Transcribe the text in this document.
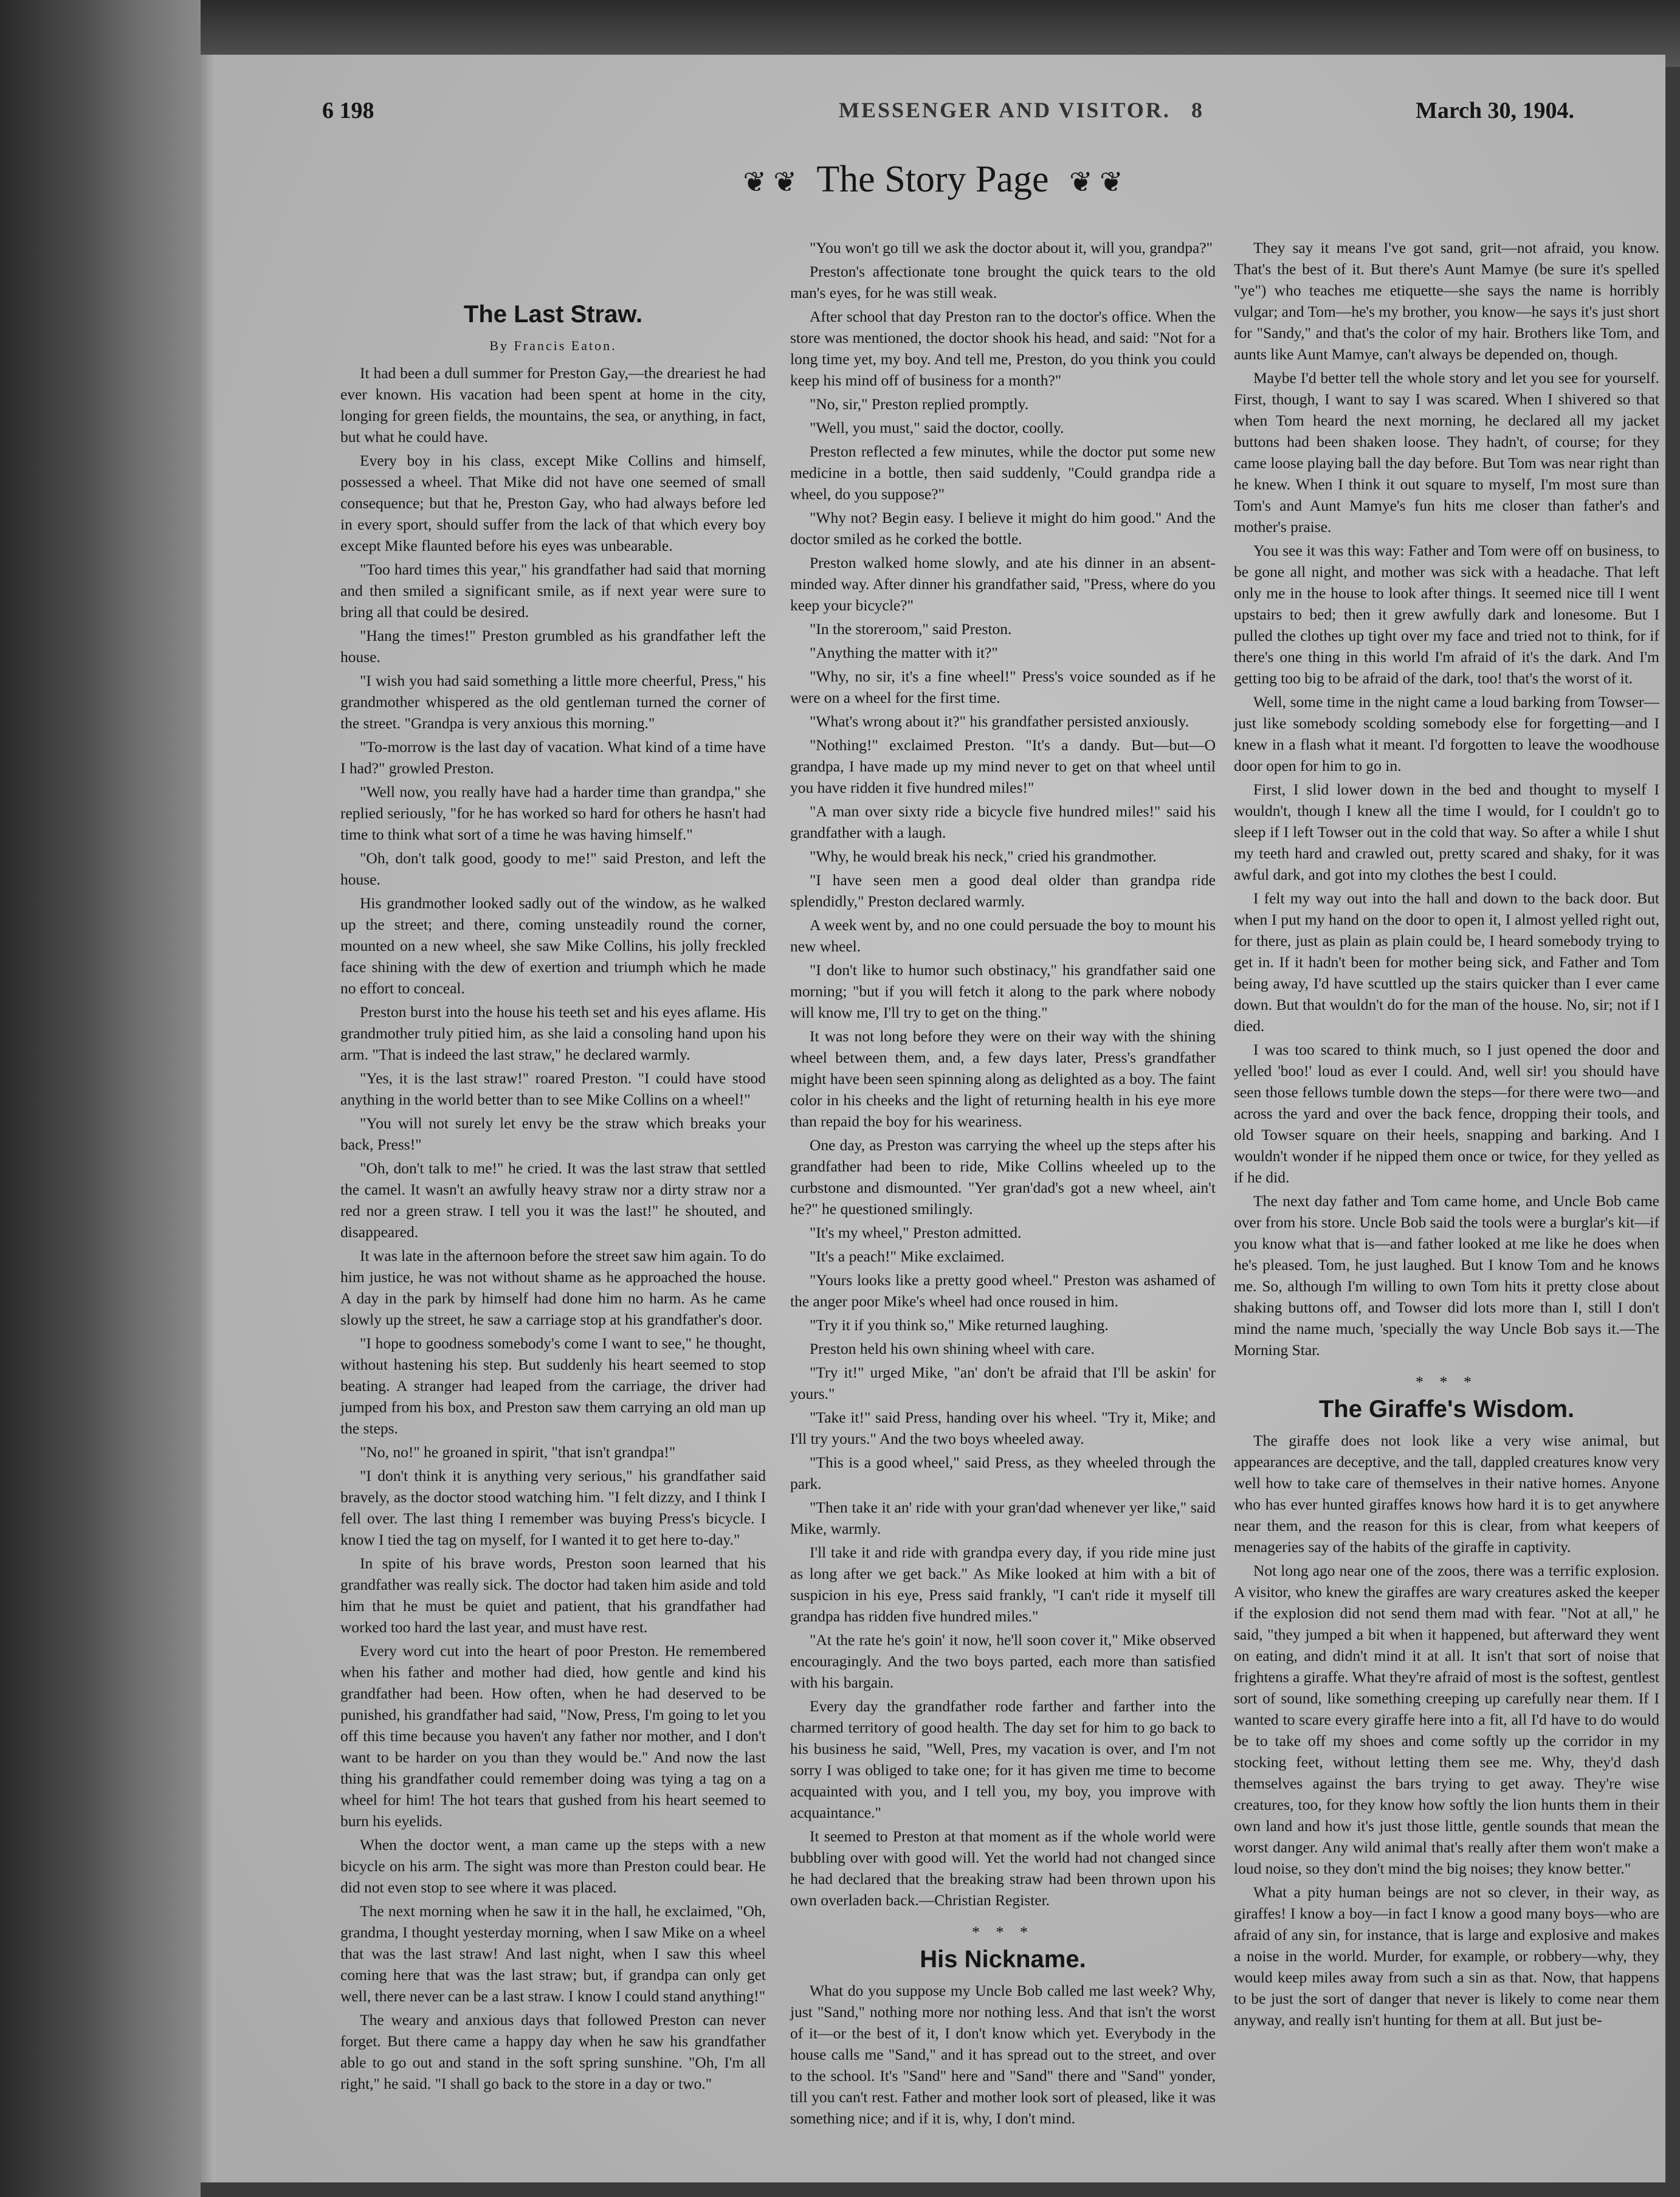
6 198	MESSENGER AND VISITOR. 8	March 30, 1904.
❦ ❦ The Story Page ❦ ❦
The Last Straw.
By Francis Eaton.

It had been a dull summer for Preston Gay,—the dreariest he had ever known. His vacation had been spent at home in the city, longing for green fields, the mountains, the sea, or anything, in fact, but what he could have.

Every boy in his class, except Mike Collins and himself, possessed a wheel. That Mike did not have one seemed of small consequence; but that he, Preston Gay, who had always before led in every sport, should suffer from the lack of that which every boy except Mike flaunted before his eyes was unbearable.

"Too hard times this year," his grandfather had said that morning and then smiled a significant smile, as if next year were sure to bring all that could be desired.

"Hang the times!" Preston grumbled as his grandfather left the house.

"I wish you had said something a little more cheerful, Press," his grandmother whispered as the old gentleman turned the corner of the street. "Grandpa is very anxious this morning."

"To-morrow is the last day of vacation. What kind of a time have I had?" growled Preston.

"Well now, you really have had a harder time than grandpa," she replied seriously, "for he has worked so hard for others he hasn't had time to think what sort of a time he was having himself."

"Oh, don't talk good, goody to me!" said Preston, and left the house.

His grandmother looked sadly out of the window, as he walked up the street; and there, coming unsteadily round the corner, mounted on a new wheel, she saw Mike Collins, his jolly freckled face shining with the dew of exertion and triumph which he made no effort to conceal.

Preston burst into the house his teeth set and his eyes aflame. His grandmother truly pitied him, as she laid a consoling hand upon his arm. "That is indeed the last straw," he declared warmly.

"Yes, it is the last straw!" roared Preston. "I could have stood anything in the world better than to see Mike Collins on a wheel!"

"You will not surely let envy be the straw which breaks your back, Press!"

"Oh, don't talk to me!" he cried. It was the last straw that settled the camel. It wasn't an awfully heavy straw nor a dirty straw nor a red nor a green straw. I tell you it was the last!" he shouted, and disappeared.

It was late in the afternoon before the street saw him again. To do him justice, he was not without shame as he approached the house. A day in the park by himself had done him no harm. As he came slowly up the street, he saw a carriage stop at his grandfather's door.

"I hope to goodness somebody's come I want to see," he thought, without hastening his step. But suddenly his heart seemed to stop beating. A stranger had leaped from the carriage, the driver had jumped from his box, and Preston saw them carrying an old man up the steps.

"No, no!" he groaned in spirit, "that isn't grandpa!"

"I don't think it is anything very serious," his grandfather said bravely, as the doctor stood watching him. "I felt dizzy, and I think I fell over. The last thing I remember was buying Press's bicycle. I know I tied the tag on myself, for I wanted it to get here to-day."

In spite of his brave words, Preston soon learned that his grandfather was really sick. The doctor had taken him aside and told him that he must be quiet and patient, that his grandfather had worked too hard the last year, and must have rest.

Every word cut into the heart of poor Preston. He remembered when his father and mother had died, how gentle and kind his grandfather had been. How often, when he had deserved to be punished, his grandfather had said, "Now, Press, I'm going to let you off this time because you haven't any father nor mother, and I don't want to be harder on you than they would be." And now the last thing his grandfather could remember doing was tying a tag on a wheel for him! The hot tears that gushed from his heart seemed to burn his eyelids.

When the doctor went, a man came up the steps with a new bicycle on his arm. The sight was more than Preston could bear. He did not even stop to see where it was placed.

The next morning when he saw it in the hall, he exclaimed, "Oh, grandma, I thought yesterday morning, when I saw Mike on a wheel that was the last straw! And last night, when I saw this wheel coming here that was the last straw; but, if grandpa can only get well, there never can be a last straw. I know I could stand anything!"

The weary and anxious days that followed Preston can never forget. But there came a happy day when he saw his grandfather able to go out and stand in the soft spring sunshine. "Oh, I'm all right," he said. "I shall go back to the store in a day or two."

"You won't go till we ask the doctor about it, will you, grandpa?"

Preston's affectionate tone brought the quick tears to the old man's eyes, for he was still weak.

After school that day Preston ran to the doctor's office. When the store was mentioned, the doctor shook his head, and said: "Not for a long time yet, my boy. And tell me, Preston, do you think you could keep his mind off of business for a month?"

"No, sir," Preston replied promptly.

"Well, you must," said the doctor, coolly.

Preston reflected a few minutes, while the doctor put some new medicine in a bottle, then said suddenly, "Could grandpa ride a wheel, do you suppose?"

"Why not? Begin easy. I believe it might do him good." And the doctor smiled as he corked the bottle.

Preston walked home slowly, and ate his dinner in an absent-minded way. After dinner his grandfather said, "Press, where do you keep your bicycle?"

"In the storeroom," said Preston.

"Anything the matter with it?"

"Why, no sir, it's a fine wheel!" Press's voice sounded as if he were on a wheel for the first time.

"What's wrong about it?" his grandfather persisted anxiously.

"Nothing!" exclaimed Preston. "It's a dandy. But—but—O grandpa, I have made up my mind never to get on that wheel until you have ridden it five hundred miles!"

"A man over sixty ride a bicycle five hundred miles!" said his grandfather with a laugh.

"Why, he would break his neck," cried his grandmother.

"I have seen men a good deal older than grandpa ride splendidly," Preston declared warmly.

A week went by, and no one could persuade the boy to mount his new wheel.

"I don't like to humor such obstinacy," his grandfather said one morning; "but if you will fetch it along to the park where nobody will know me, I'll try to get on the thing."

It was not long before they were on their way with the shining wheel between them, and, a few days later, Press's grandfather might have been seen spinning along as delighted as a boy. The faint color in his cheeks and the light of returning health in his eye more than repaid the boy for his weariness.

One day, as Preston was carrying the wheel up the steps after his grandfather had been to ride, Mike Collins wheeled up to the curbstone and dismounted. "Yer gran'dad's got a new wheel, ain't he?" he questioned smilingly.

"It's my wheel," Preston admitted.

"It's a peach!" Mike exclaimed.

"Yours looks like a pretty good wheel." Preston was ashamed of the anger poor Mike's wheel had once roused in him.

"Try it if you think so," Mike returned laughing.

Preston held his own shining wheel with care.

"Try it!" urged Mike, "an' don't be afraid that I'll be askin' for yours."

"Take it!" said Press, handing over his wheel. "Try it, Mike; and I'll try yours." And the two boys wheeled away.

"This is a good wheel," said Press, as they wheeled through the park.

"Then take it an' ride with your gran'dad whenever yer like," said Mike, warmly.

I'll take it and ride with grandpa every day, if you ride mine just as long after we get back." As Mike looked at him with a bit of suspicion in his eye, Press said frankly, "I can't ride it myself till grandpa has ridden five hundred miles."

"At the rate he's goin' it now, he'll soon cover it," Mike observed encouragingly. And the two boys parted, each more than satisfied with his bargain.

Every day the grandfather rode farther and farther into the charmed territory of good health. The day set for him to go back to his business he said, "Well, Pres, my vacation is over, and I'm not sorry I was obliged to take one; for it has given me time to become acquainted with you, and I tell you, my boy, you improve with acquaintance."

It seemed to Preston at that moment as if the whole world were bubbling over with good will. Yet the world had not changed since he had declared that the breaking straw had been thrown upon his own overladen back.—Christian Register.

* * *
His Nickname.

What do you suppose my Uncle Bob called me last week? Why, just "Sand," nothing more nor nothing less. And that isn't the worst of it—or the best of it, I don't know which yet. Everybody in the house calls me "Sand," and it has spread out to the street, and over to the school. It's "Sand" here and "Sand" there and "Sand" yonder, till you can't rest. Father and mother look sort of pleased, like it was something nice; and if it is, why, I don't mind.

They say it means I've got sand, grit—not afraid, you know. That's the best of it. But there's Aunt Mamye (be sure it's spelled "ye") who teaches me etiquette—she says the name is horribly vulgar; and Tom—he's my brother, you know—he says it's just short for "Sandy," and that's the color of my hair. Brothers like Tom, and aunts like Aunt Mamye, can't always be depended on, though.

Maybe I'd better tell the whole story and let you see for yourself. First, though, I want to say I was scared. When I shivered so that when Tom heard the next morning, he declared all my jacket buttons had been shaken loose. They hadn't, of course; for they came loose playing ball the day before. But Tom was near right than he knew. When I think it out square to myself, I'm most sure than Tom's and Aunt Mamye's fun hits me closer than father's and mother's praise.

You see it was this way: Father and Tom were off on business, to be gone all night, and mother was sick with a headache. That left only me in the house to look after things. It seemed nice till I went upstairs to bed; then it grew awfully dark and lonesome. But I pulled the clothes up tight over my face and tried not to think, for if there's one thing in this world I'm afraid of it's the dark. And I'm getting too big to be afraid of the dark, too! that's the worst of it.

Well, some time in the night came a loud barking from Towser—just like somebody scolding somebody else for forgetting—and I knew in a flash what it meant. I'd forgotten to leave the woodhouse door open for him to go in.

First, I slid lower down in the bed and thought to myself I wouldn't, though I knew all the time I would, for I couldn't go to sleep if I left Towser out in the cold that way. So after a while I shut my teeth hard and crawled out, pretty scared and shaky, for it was awful dark, and got into my clothes the best I could.

I felt my way out into the hall and down to the back door. But when I put my hand on the door to open it, I almost yelled right out, for there, just as plain as plain could be, I heard somebody trying to get in. If it hadn't been for mother being sick, and Father and Tom being away, I'd have scuttled up the stairs quicker than I ever came down. But that wouldn't do for the man of the house. No, sir; not if I died.

I was too scared to think much, so I just opened the door and yelled 'boo!' loud as ever I could. And, well sir! you should have seen those fellows tumble down the steps—for there were two—and across the yard and over the back fence, dropping their tools, and old Towser square on their heels, snapping and barking. And I wouldn't wonder if he nipped them once or twice, for they yelled as if he did.

The next day father and Tom came home, and Uncle Bob came over from his store. Uncle Bob said the tools were a burglar's kit—if you know what that is—and father looked at me like he does when he's pleased. Tom, he just laughed. But I know Tom and he knows me. So, although I'm willing to own Tom hits it pretty close about shaking buttons off, and Towser did lots more than I, still I don't mind the name much, 'specially the way Uncle Bob says it.—The Morning Star.

* * *
The Giraffe's Wisdom.

The giraffe does not look like a very wise animal, but appearances are deceptive, and the tall, dappled creatures know very well how to take care of themselves in their native homes. Anyone who has ever hunted giraffes knows how hard it is to get anywhere near them, and the reason for this is clear, from what keepers of menageries say of the habits of the giraffe in captivity.

Not long ago near one of the zoos, there was a terrific explosion. A visitor, who knew the giraffes are wary creatures asked the keeper if the explosion did not send them mad with fear. "Not at all," he said, "they jumped a bit when it happened, but afterward they went on eating, and didn't mind it at all. It isn't that sort of noise that frightens a giraffe. What they're afraid of most is the softest, gentlest sort of sound, like something creeping up carefully near them. If I wanted to scare every giraffe here into a fit, all I'd have to do would be to take off my shoes and come softly up the corridor in my stocking feet, without letting them see me. Why, they'd dash themselves against the bars trying to get away. They're wise creatures, too, for they know how softly the lion hunts them in their own land and how it's just those little, gentle sounds that mean the worst danger. Any wild animal that's really after them won't make a loud noise, so they don't mind the big noises; they know better."

What a pity human beings are not so clever, in their way, as giraffes! I know a boy—in fact I know a good many boys—who are afraid of any sin, for instance, that is large and explosive and makes a noise in the world. Murder, for example, or robbery—why, they would keep miles away from such a sin as that. Now, that happens to be just the sort of danger that never is likely to come near them anyway, and really isn't hunting for them at all. But just be-
